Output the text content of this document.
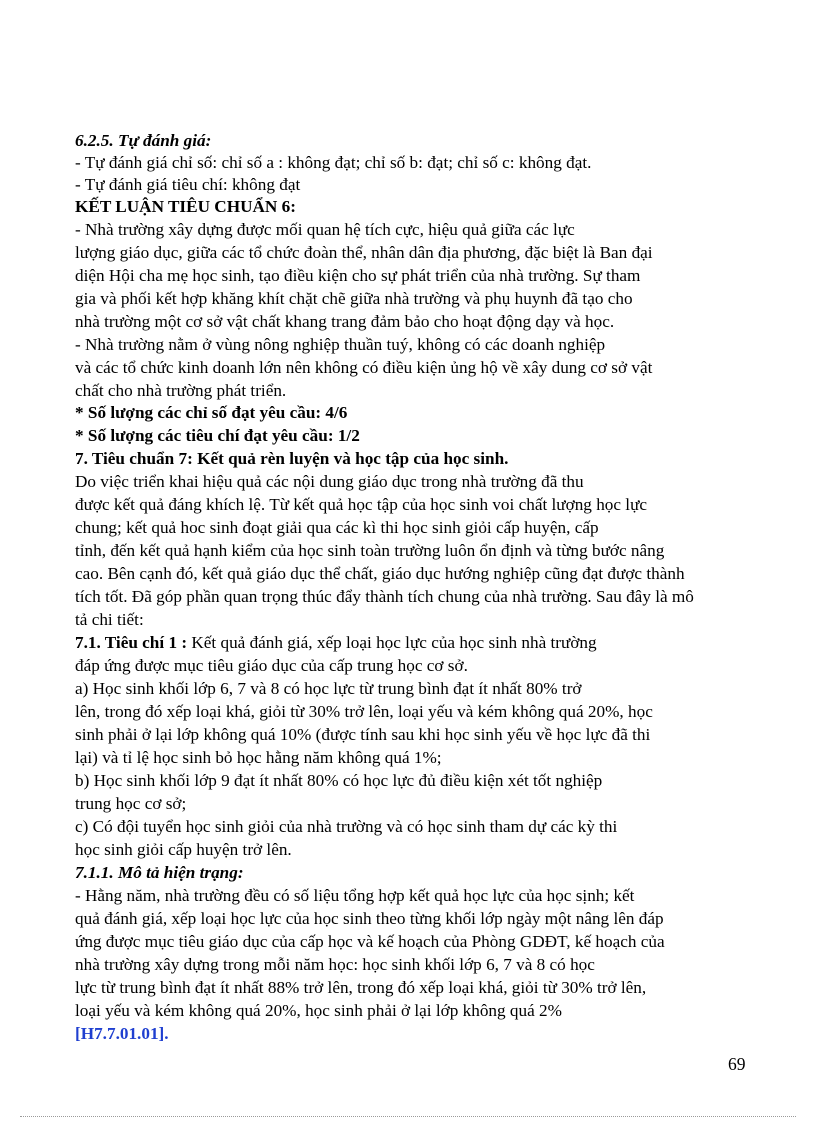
6.2.5. Tự đánh giá:
- Tự đánh giá chỉ số: chỉ số a : không đạt; chỉ số b: đạt; chỉ số c: không đạt.
- Tự đánh giá tiêu chí: không đạt
KẾT LUẬN TIÊU CHUẨN 6:
- Nhà trường xây dựng được mối quan hệ tích cực, hiệu quả giữa các lực
lượng giáo dục, giữa các tổ chức đoàn thể, nhân dân địa phương, đặc biệt là Ban đại
diện Hội cha mẹ học sinh, tạo điều kiện cho sự phát triển của nhà trường. Sự tham
gia và phối kết hợp khăng khít chặt chẽ giữa nhà trường và phụ huynh đã tạo cho
nhà trường một cơ sở vật chất khang trang đảm bảo cho hoạt động dạy và học.
- Nhà trường nằm ở vùng nông nghiệp thuần tuý, không có các doanh nghiệp
và các tổ chức kinh doanh lớn nên không có điều kiện ủng hộ về xây dung cơ sở vật
chất cho nhà trường phát triển.
* Số lượng các chỉ số đạt yêu cầu: 4/6
* Số lượng các tiêu chí đạt yêu cầu: 1/2
7. Tiêu chuẩn 7: Kết quả rèn luyện và học tập của học sinh.
Do việc triển khai hiệu quả các nội dung giáo dục trong nhà trường đã thu
được kết quả đáng khích lệ. Từ kết quả học tập của học sinh voi chất lượng học lực
chung; kết quả hoc sinh đoạt giải qua các kì thi học sinh giỏi cấp huyện, cấp
tỉnh, đến kết quả hạnh kiểm của học sinh toàn trường luôn ổn định và từng bước nâng
cao. Bên cạnh đó, kết quả giáo dục thể chất, giáo dục hướng nghiệp cũng đạt được thành
tích tốt. Đã góp phần quan trọng thúc đẩy thành tích chung của nhà trường. Sau đây là mô
tả chi tiết:
7.1. Tiêu chí 1 : Kết quả đánh giá, xếp loại học lực của học sinh nhà trường
đáp ứng được mục tiêu giáo dục của cấp trung học cơ sở.
a) Học sinh khối lớp 6, 7 và 8 có học lực từ trung bình đạt ít nhất 80% trở
lên, trong đó xếp loại khá, giỏi từ 30% trở lên, loại yếu và kém không quá 20%, học
sinh phải ở lại lớp không quá 10% (được tính sau khi học sinh yếu về học lực đã thi
lại) và tỉ lệ học sinh bỏ học hằng năm không quá 1%;
b) Học sinh khối lớp 9 đạt ít nhất 80% có học lực đủ điều kiện xét tốt nghiệp
trung học cơ sở;
c) Có đội tuyển học sinh giỏi của nhà trường và có học sinh tham dự các kỳ thi
học sinh giỏi cấp huyện trở lên.
7.1.1. Mô tả hiện trạng:
- Hằng năm, nhà trường đều có số liệu tổng hợp kết quả học lực của học sịnh; kết
quả đánh giá, xếp loại học lực của học sinh theo từng khối lớp ngày một nâng lên đáp
ứng được mục tiêu giáo dục của cấp học và kế hoạch của Phòng GDĐT, kế hoạch của
nhà trường xây dựng trong mỗi năm học: học sinh khối lớp 6, 7 và 8 có học
lực từ trung bình đạt ít nhất 88% trở lên, trong đó xếp loại khá, giỏi từ 30% trở lên,
loại yếu và kém không quá 20%, học sinh phải ở lại lớp không quá 2%
[H7.7.01.01].
69
